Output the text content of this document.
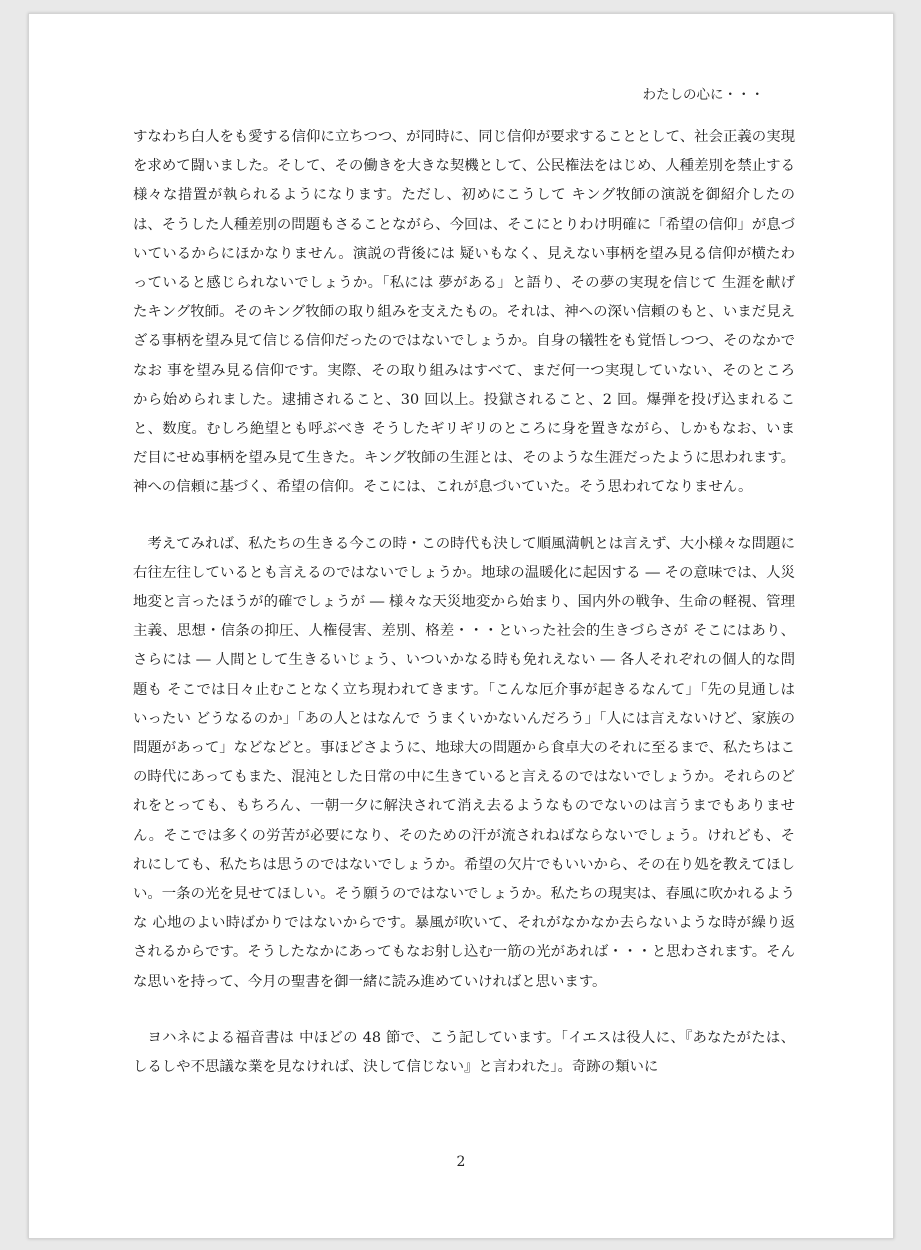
わたしの心に・・・

すなわち白人をも愛する信仰に立ちつつ、が同時に、同じ信仰が要求することとして、社会正義の実現を求めて闘いました。そして、その働きを大きな契機として、公民権法をはじめ、人種差別を禁止する様々な措置が執られるようになります。ただし、初めにこうして キング牧師の演説を御紹介したのは、そうした人種差別の問題もさることながら、今回は、そこにとりわけ明確に「希望の信仰」が息づいているからにほかなりません。演説の背後には 疑いもなく、見えない事柄を望み見る信仰が横たわっていると感じられないでしょうか。「私には 夢がある」と語り、その夢の実現を信じて 生涯を献げたキング牧師。そのキング牧師の取り組みを支えたもの。それは、神への深い信頼のもと、いまだ見えざる事柄を望み見て信じる信仰だったのではないでしょうか。自身の犠牲をも覚悟しつつ、そのなかでなお 事を望み見る信仰です。実際、その取り組みはすべて、まだ何一つ実現していない、そのところから始められました。逮捕されること、30 回以上。投獄されること、2 回。爆弾を投げ込まれること、数度。むしろ絶望とも呼ぶべき そうしたギリギリのところに身を置きながら、しかもなお、いまだ目にせぬ事柄を望み見て生きた。キング牧師の生涯とは、そのような生涯だったように思われます。神への信頼に基づく、希望の信仰。そこには、これが息づいていた。そう思われてなりません。

考えてみれば、私たちの生きる今この時・この時代も決して順風満帆とは言えず、大小様々な問題に右往左往しているとも言えるのではないでしょうか。地球の温暖化に起因する ― その意味では、人災地変と言ったほうが的確でしょうが ― 様々な天災地変から始まり、国内外の戦争、生命の軽視、管理主義、思想・信条の抑圧、人権侵害、差別、格差・・・といった社会的生きづらさが そこにはあり、さらには ― 人間として生きるいじょう、いついかなる時も免れえない ― 各人それぞれの個人的な問題も そこでは日々止むことなく立ち現われてきます。「こんな厄介事が起きるなんて」「先の見通しはいったい どうなるのか」「あの人とはなんで うまくいかないんだろう」「人には言えないけど、家族の問題があって」などなどと。事ほどさように、地球大の問題から食卓大のそれに至るまで、私たちはこの時代にあってもまた、混沌とした日常の中に生きていると言えるのではないでしょうか。それらのどれをとっても、もちろん、一朝一夕に解決されて消え去るようなものでないのは言うまでもありません。そこでは多くの労苦が必要になり、そのための汗が流されねばならないでしょう。けれども、それにしても、私たちは思うのではないでしょうか。希望の欠片でもいいから、その在り処を教えてほしい。一条の光を見せてほしい。そう願うのではないでしょうか。私たちの現実は、春風に吹かれるような 心地のよい時ばかりではないからです。暴風が吹いて、それがなかなか去らないような時が繰り返されるからです。そうしたなかにあってもなお射し込む一筋の光があれば・・・と思わされます。そんな思いを持って、今月の聖書を御一緒に読み進めていければと思います。

ヨハネによる福音書は 中ほどの 48 節で、こう記しています。「イエスは役人に、『あなたがたは、しるしや不思議な業を見なければ、決して信じない』と言われた」。奇跡の類いに

2
